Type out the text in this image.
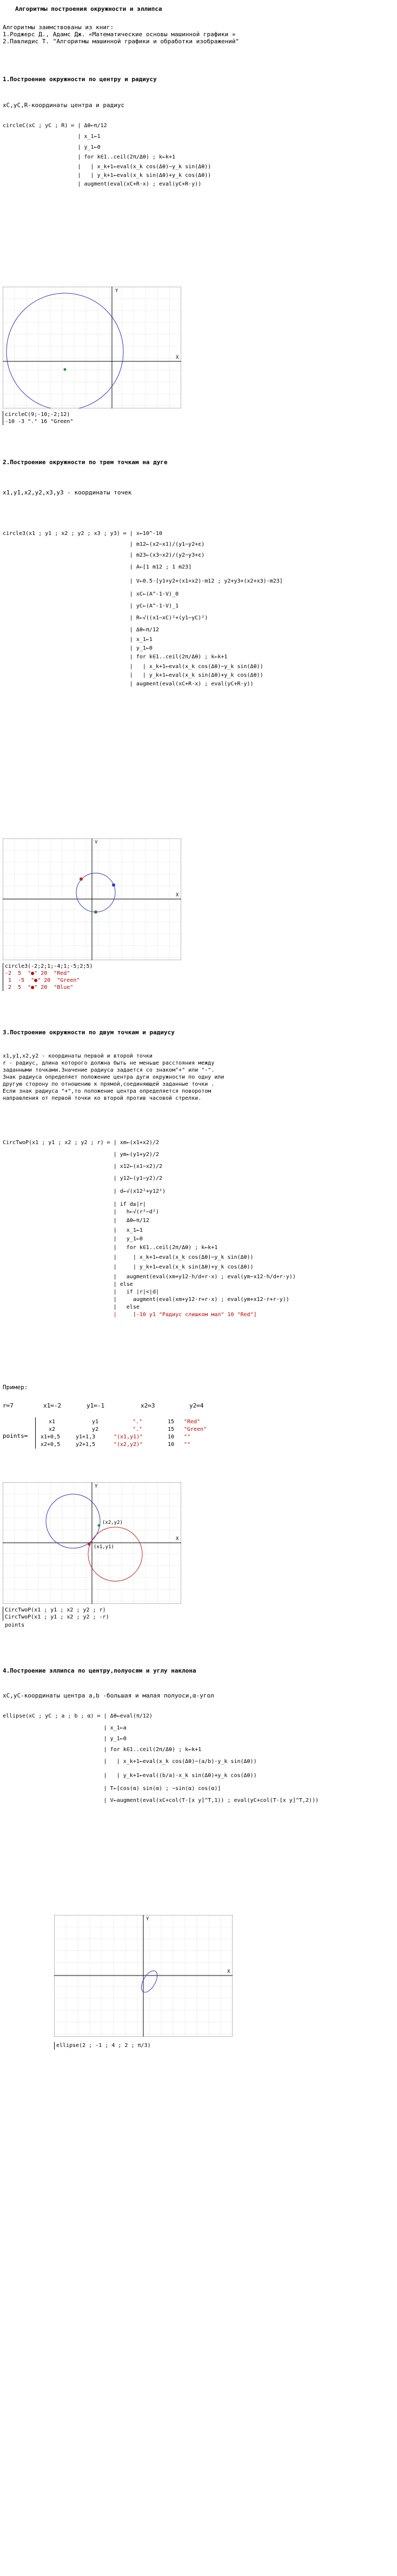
Алгоритмы построения окружности и эллипса
Алгоритмы заимствованы из книг:
1.Роджерс Д., Адамс Дж. «Математические основы машинной графики »
2.Павлидис Т. "Алгоритмы машинной графики и обработки изображений"
1.Построение окружности по центру и радиусу
xC,yC,R-координаты центра и радиус
circleC(xC ; yC ; R) ≔ | Δθ←π/12
| x_1←1
| y_1←0
| for k∈1..ceil(2π/Δθ) ; k←k+1
|   | x_k+1←eval(x_k cos(Δθ)−y_k sin(Δθ))
|   | y_k+1←eval(x_k sin(Δθ)+y_k cos(Δθ))
| augment(eval(xC+R·x) ; eval(yC+R·y))
Y
X
circleC(9;-10;-2;12)
-10 -3 "." 16 "Green"
2.Построение окружности по трем точкам на дуге
x1,y1,x2,y2,x3,y3 - координаты точек
circle3(x1 ; y1 ; x2 ; y2 ; x3 ; y3) ≔ | x←10^-10
| m12←(x2−x1)/(y1−y2+ε)
| m23←(x3−x2)/(y2−y3+ε)
| A←[1 m12 ; 1 m23]
| V←0.5·[y1+y2+(x1+x2)·m12 ; y2+y3+(x2+x3)·m23]
| xC←(A^-1·V)_0
| yC←(A^-1·V)_1
| R←√((x1−xC)²+(y1−yC)²)
| Δθ←π/12
| x_1←1
| y_1←0
| for k∈1..ceil(2π/Δθ) ; k←k+1
|   | x_k+1←eval(x_k cos(Δθ)−y_k sin(Δθ))
|   | y_k+1←eval(x_k sin(Δθ)+y_k cos(Δθ))
| augment(eval(xC+R·x) ; eval(yC+R·y))
Y
X
circle3(-2;2;1;-4;1;-5;2;5)
-2  5  "●" 20  "Red"
1  -5  "●" 20  "Green"
2  5  "●" 20  "Blue"
3.Построение окружности по двум точкам и радиусу
x1,y1,x2,y2 - координаты первой и второй точки
r - радиус, длина которого должна быть не меньше расстояния между
заданными точками.Значение радиуса задается со знаком"+" или "-".
Знак радиуса определяет положение центра дуги окружности по одну или
другую сторону по отношению к прямой,соединяющей заданные точки .
Если знак радиуса "+",то положение центра определяется поворотом
направления от первой точки ко второй против часовой стрелки.
CircTwoP(x1 ; y1 ; x2 ; y2 ; r) ≔ | xm←(x1+x2)/2
| ym←(y1+y2)/2
| x12←(x1−x2)/2
| y12←(y1−y2)/2
| d←√(x12²+y12²)
| if d≥|r|
|   h←√(r²−d²)
|   Δθ←π/12
|   x_1←1
|   y_1←0
|   for k∈1..ceil(2π/Δθ) ; k←k+1
|     | x_k+1←eval(x_k cos(Δθ)−y_k sin(Δθ))
|     | y_k+1←eval(x_k sin(Δθ)+y_k cos(Δθ))
|   augment(eval(xm+y12·h/d+r·x) ; eval(ym−x12·h/d+r·y))
| else
|   if |r|<|d|
|     augment(eval(xm+y12·r+r·x) ; eval(ym+x12·r+r·y))
|   else
|     [-10 y1 "Радиус слишком мал" 10 "Red"]
Пример:
r≔7	x1≔-2	y1≔-1	x2≔3	y2≔4
points≔
x1	y1	"."	15 "Red"
x2	y2	"."	15 "Green"
x1+0,5	y1+1,3	"(x1,y1)"	10 ""
x2+0,5	y2+1,5	"(x2,y2)"	10 ""
Y
X
(x1,y1)
(x2,y2)
CircTwoP(x1 ; y1 ; x2 ; y2 ; r)
CircTwoP(x1 ; y1 ; x2 ; y2 ; -r)
points
4.Построение эллипса по центру,полуосям и углу наклона
xC,yC-координаты центра a,b -большая и малая полуоси,α-угол
ellipse(xC ; yC ; a ; b ; α) ≔ | Δθ←eval(π/12)
| x_1←a
| y_1←0
| for k∈1..ceil(2π/Δθ) ; k←k+1
|   | x_k+1←eval(x_k cos(Δθ)−(a/b)·y_k sin(Δθ))
|   | y_k+1←eval((b/a)·x_k sin(Δθ)+y_k cos(Δθ))
| T←[cos(α) sin(α) ; −sin(α) cos(α)]
| V←augment(eval(xC+col(T·[x y]^T,1)) ; eval(yC+col(T·[x y]^T,2)))
Y
X
ellipse(2 ; -1 ; 4 ; 2 ; π/3)
